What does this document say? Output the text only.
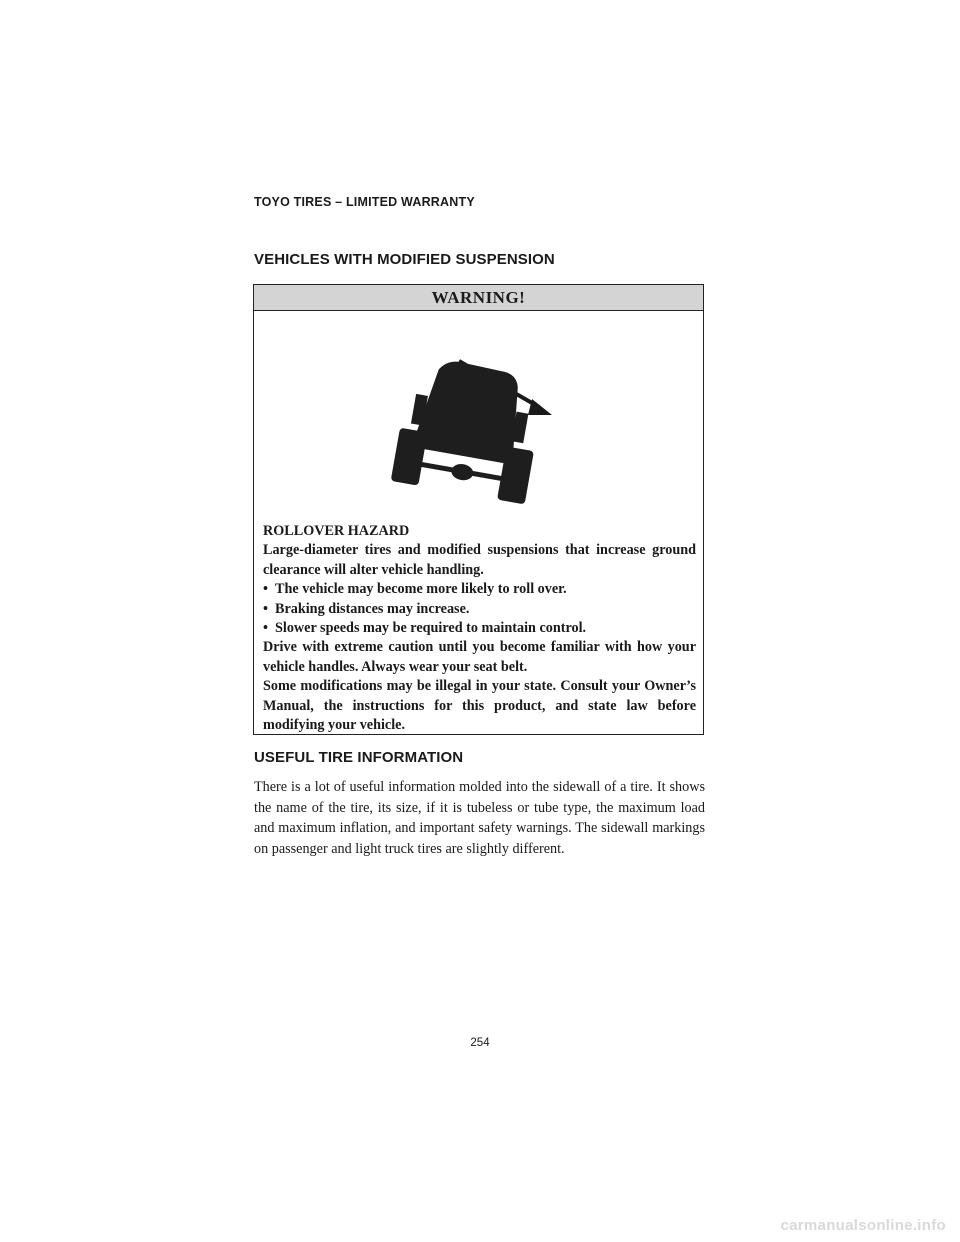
TOYO TIRES – LIMITED WARRANTY
VEHICLES WITH MODIFIED SUSPENSION
WARNING!

ROLLOVER HAZARD

Large-diameter tires and modified suspensions that increase ground clearance will alter vehicle handling.

• The vehicle may become more likely to roll over.

• Braking distances may increase.

• Slower speeds may be required to maintain control.

Drive with extreme caution until you become familiar with how your vehicle handles. Always wear your seat belt.

Some modifications may be illegal in your state. Consult your Owner’s Manual, the instructions for this product, and state law before modifying your vehicle.

USEFUL TIRE INFORMATION

There is a lot of useful information molded into the sidewall of a tire. It shows the name of the tire, its size, if it is tubeless or tube type, the maximum load and maximum inflation, and important safety warnings. The sidewall markings on passenger and light truck tires are slightly different.

254
carmanualsonline.info
